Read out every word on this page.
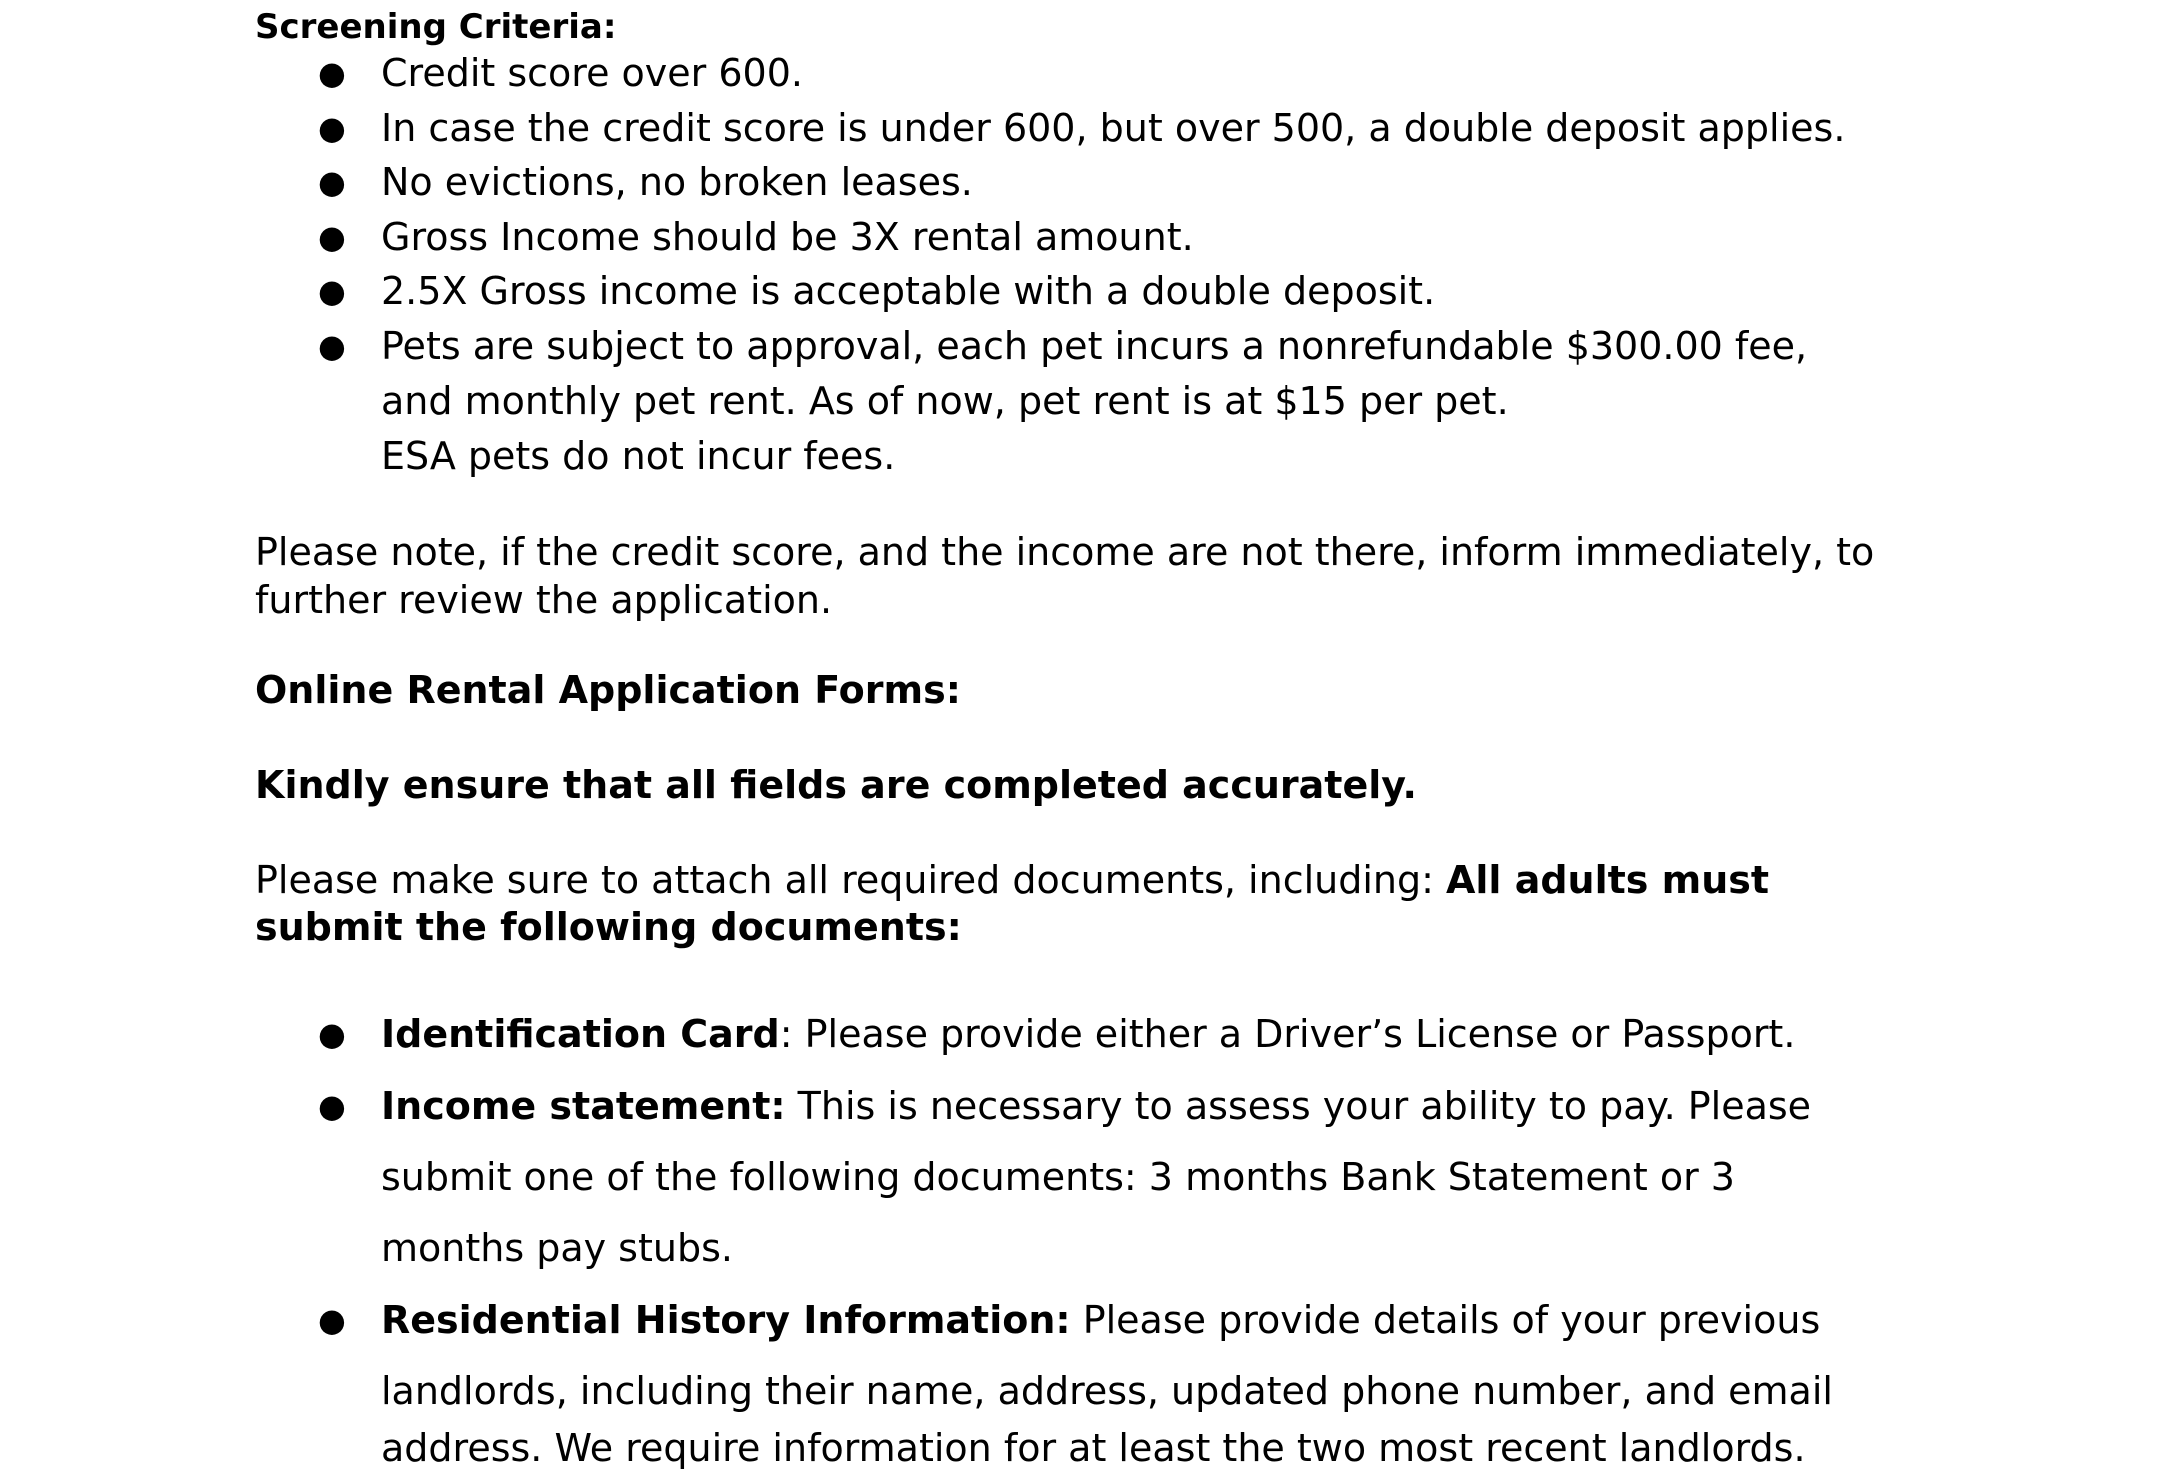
Screening Criteria:
● Credit score over 600.
● In case the credit score is under 600, but over 500, a double deposit applies.
● No evictions, no broken leases.
● Gross Income should be 3X rental amount.
● 2.5X Gross income is acceptable with a double deposit.
● Pets are subject to approval, each pet incurs a nonrefundable $300.00 fee,
and monthly pet rent. As of now, pet rent is at $15 per pet.
ESA pets do not incur fees.
Please note, if the credit score, and the income are not there, inform immediately, to
further review the application.
Online Rental Application Forms:
Kindly ensure that all fields are completed accurately.
Please make sure to attach all required documents, including: All adults must
submit the following documents:
● Identification Card: Please provide either a Driver’s License or Passport.
● Income statement: This is necessary to assess your ability to pay. Please
submit one of the following documents: 3 months Bank Statement or 3
months pay stubs.
● Residential History Information: Please provide details of your previous
landlords, including their name, address, updated phone number, and email
address. We require information for at least the two most recent landlords.
